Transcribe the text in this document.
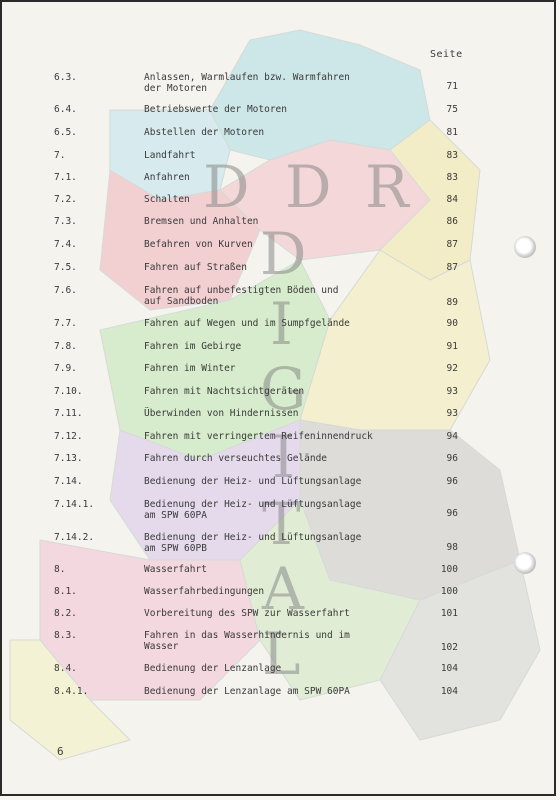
D D R
D
I
G
I
T
A
L
Seite
6.3.	Anlassen, Warmlaufen bzw. Warmfahren
der Motoren	71
6.4.	Betriebswerte der Motoren	75
6.5.	Abstellen der Motoren	81
7.	Landfahrt	83
7.1.	Anfahren	83
7.2.	Schalten	84
7.3.	Bremsen und Anhalten	86
7.4.	Befahren von Kurven	87
7.5.	Fahren auf Straßen	87
7.6.	Fahren auf unbefestigten Böden und
auf Sandboden	89
7.7.	Fahren auf Wegen und im Sumpfgelände	90
7.8.	Fahren im Gebirge	91
7.9.	Fahren im Winter	92
7.10.	Fahren mit Nachtsichtgeräten	93
7.11.	Überwinden von Hindernissen	93
7.12.	Fahren mit verringertem Reifeninnendruck	94
7.13.	Fahren durch verseuchtes Gelände	96
7.14.	Bedienung der Heiz- und Lüftungsanlage	96
7.14.1.	Bedienung der Heiz- und Lüftungsanlage
am SPW 60PA	96
7.14.2.	Bedienung der Heiz- und Lüftungsanlage
am SPW 60PB	98
8.	Wasserfahrt	100
8.1.	Wasserfahrbedingungen	100
8.2.	Vorbereitung des SPW zur Wasserfahrt	101
8.3.	Fahren in das Wasserhindernis und im
Wasser	102
8.4.	Bedienung der Lenzanlage	104
8.4.1.	Bedienung der Lenzanlage am SPW 60PA	104
6
